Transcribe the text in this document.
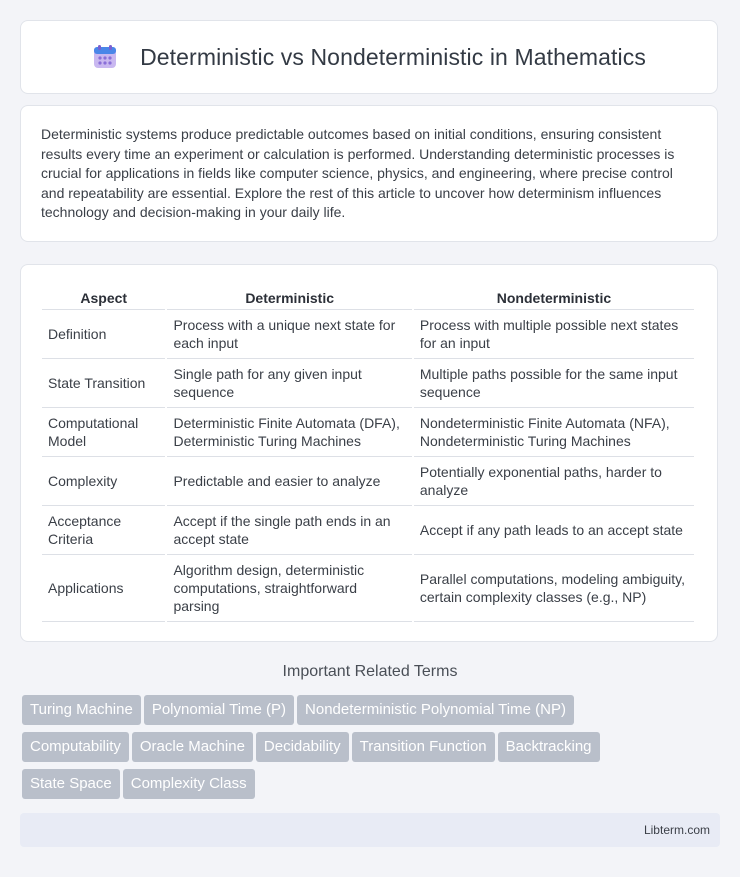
Deterministic vs Nondeterministic in Mathematics

Deterministic systems produce predictable outcomes based on initial conditions, ensuring consistent results every time an experiment or calculation is performed. Understanding deterministic processes is crucial for applications in fields like computer science, physics, and engineering, where precise control and repeatability are essential. Explore the rest of this article to uncover how determinism influences technology and decision-making in your daily life.

Aspect	Deterministic	Nondeterministic
Definition	Process with a unique next state for each input	Process with multiple possible next states for an input
State Transition	Single path for any given input sequence	Multiple paths possible for the same input sequence
Computational Model	Deterministic Finite Automata (DFA), Deterministic Turing Machines	Nondeterministic Finite Automata (NFA), Nondeterministic Turing Machines
Complexity	Predictable and easier to analyze	Potentially exponential paths, harder to analyze
Acceptance Criteria	Accept if the single path ends in an accept state	Accept if any path leads to an accept state
Applications	Algorithm design, deterministic computations, straightforward parsing	Parallel computations, modeling ambiguity, certain complexity classes (e.g., NP)
Important Related Terms
Turing Machine	Polynomial Time (P)	Nondeterministic Polynomial Time (NP)

Computability	Oracle Machine	Decidability	Transition Function	Backtracking

State Space	Complexity Class
Libterm.com
